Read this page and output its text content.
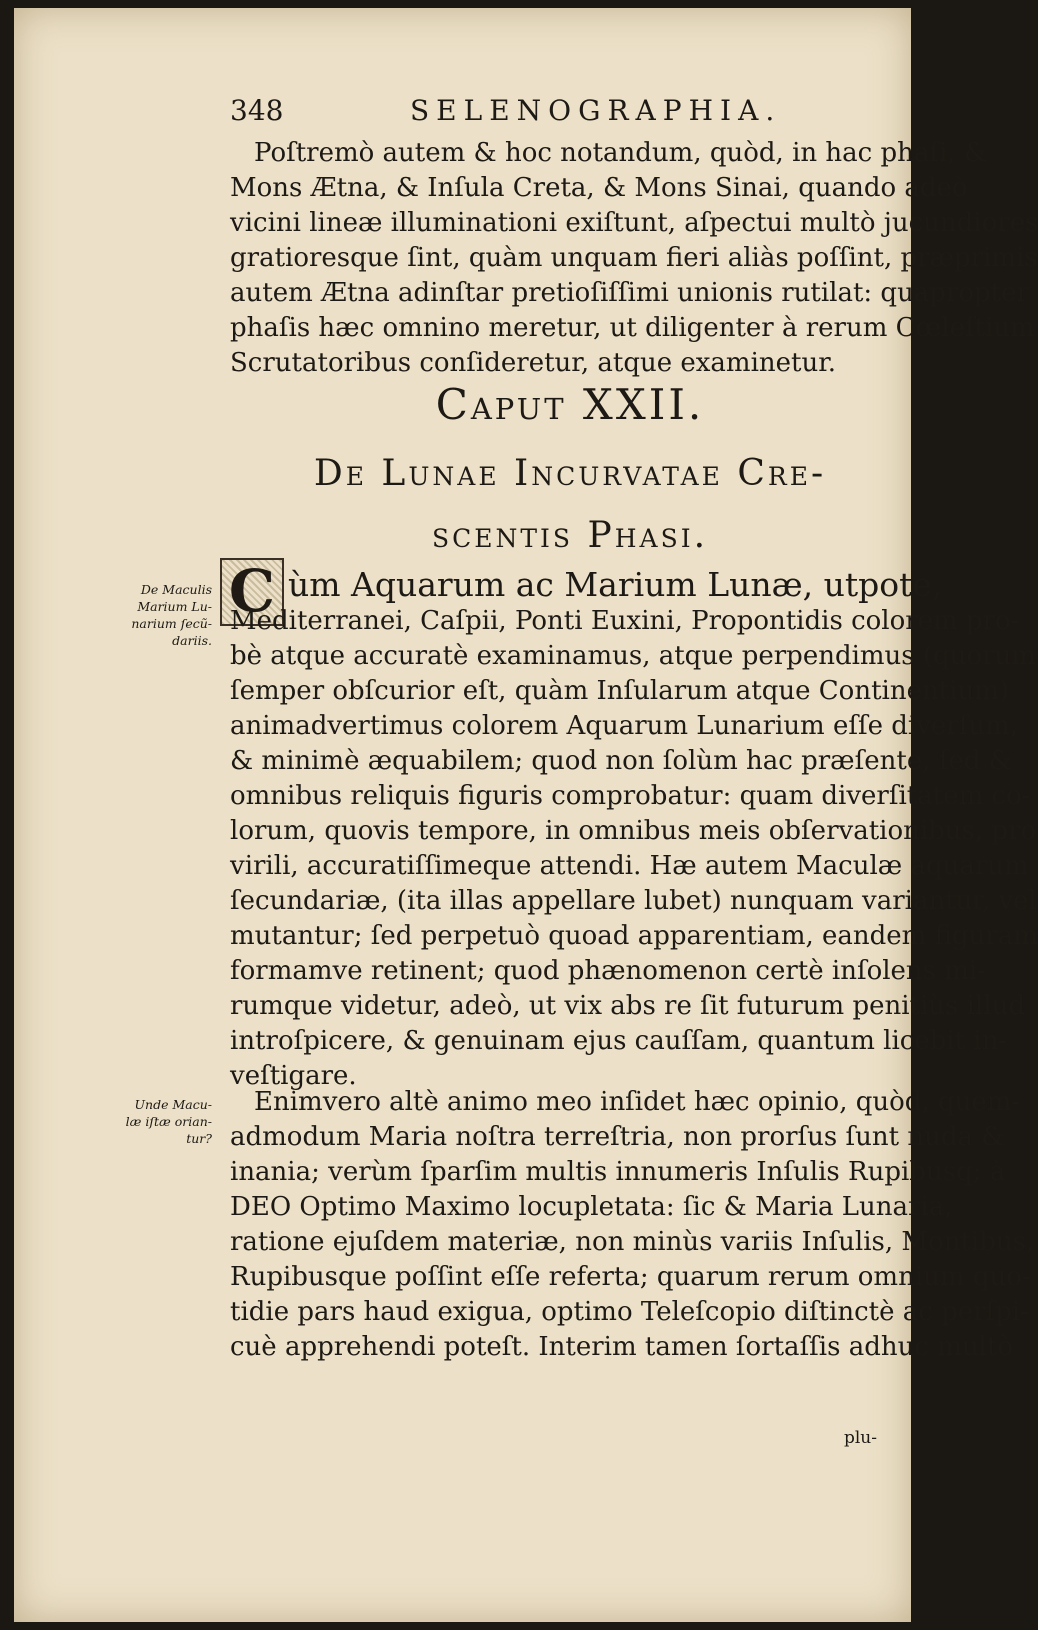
348	SELENOGRAPHIA.
Poſtremò autem & hoc notandum, quòd, in hac phaſi, &
Mons Ætna, & Inſula Creta, & Mons Sinai, quando adeò
vicini lineæ illuminationi exiſtunt, aſpectui multò jucundiores
gratioresque ſint, quàm unquam fieri aliàs poſſint, præprimis
autem Ætna adinſtar pretioſiſſimi unionis rutilat: quapropter
phaſis hæc omnino meretur, ut diligenter à rerum Cœleſtium
Scrutatoribus conſideretur, atque examinetur.
Caput XXII.
De Lunae Incurvatae Cre-
scentis Phasi.
C
De Maculis
Marium Lu-
narium ſecũ-
dariis.
ùm Aquarum ac Marium Lunæ, utpote,
Mediterranei, Caſpii, Ponti Euxini, Propontidis colorem pro-
bè atque accuratè examinamus, atque perpendimus (quorum
ſemper obſcurior eſt, quàm Inſularum atque Continentium)
animadvertimus colorem Aquarum Lunarium eſſe diverſum,
& minimè æquabilem; quod non ſolùm hac præſente, ſed &
omnibus reliquis figuris comprobatur: quam diverſitatem co-
lorum, quovis tempore, in omnibus meis obſervationibus, pro
virili, accuratiſſimeque attendi. Hæ autem Maculæ aquarum
ſecundariæ, (ita illas appellare lubet) nunquam variantur, vel
mutantur; ſed perpetuò quoad apparentiam, eandem figuram
formamve retinent; quod phænomenon certè inſolens mi-
rumque videtur, adeò, ut vix abs re ſit futurum penitiùs illud
introſpicere, & genuinam ejus cauſſam, quantum licebit in-
veſtigare.
Unde Macu-
læ iſtæ orian-
tur?
Enimvero altè animo meo inſidet hæc opinio, quòd, quem-
admodum Maria noſtra terreſtria, non prorſus ſunt nuda &
inania; verùm ſparſim multis innumeris Inſulis Rupibusq; à
DEO Optimo Maximo locupletata: ſic & Maria Lunaria,
ratione ejuſdem materiæ, non minùs variis Inſulis, Montibus,
Rupibusque poſſint eſſe referta; quarum rerum omnium quo-
tidie pars haud exigua, optimo Teleſcopio diſtinctè ac perſpi-
cuè apprehendi poteſt. Interim tamen ſortaſſis adhuc multò
plu-
